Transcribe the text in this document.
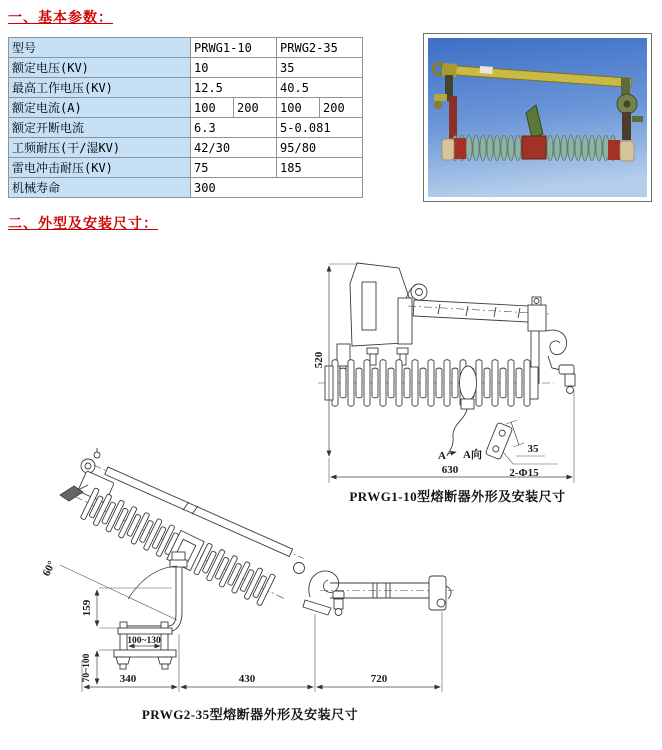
一、基本参数：
型号	PRWG1-10		PRWG2-35	
额定电压(KV)	10		35	
最高工作电压(KV)	12.5		40.5	
额定电流(A)	100	200	100	200
额定开断电流	6.3		5-0.081	
工频耐压(干/湿KV)	42/30		95/80	
雷电冲击耐压(KV)	75		185	
机械寿命	300			
二、外型及安装尺寸：
A A向	35
2-Φ15
520
630
PRWG1-10型熔断器外形及安装尺寸
60°
159
100~130
70~100	340	430	720
PRWG2-35型熔断器外形及安装尺寸
